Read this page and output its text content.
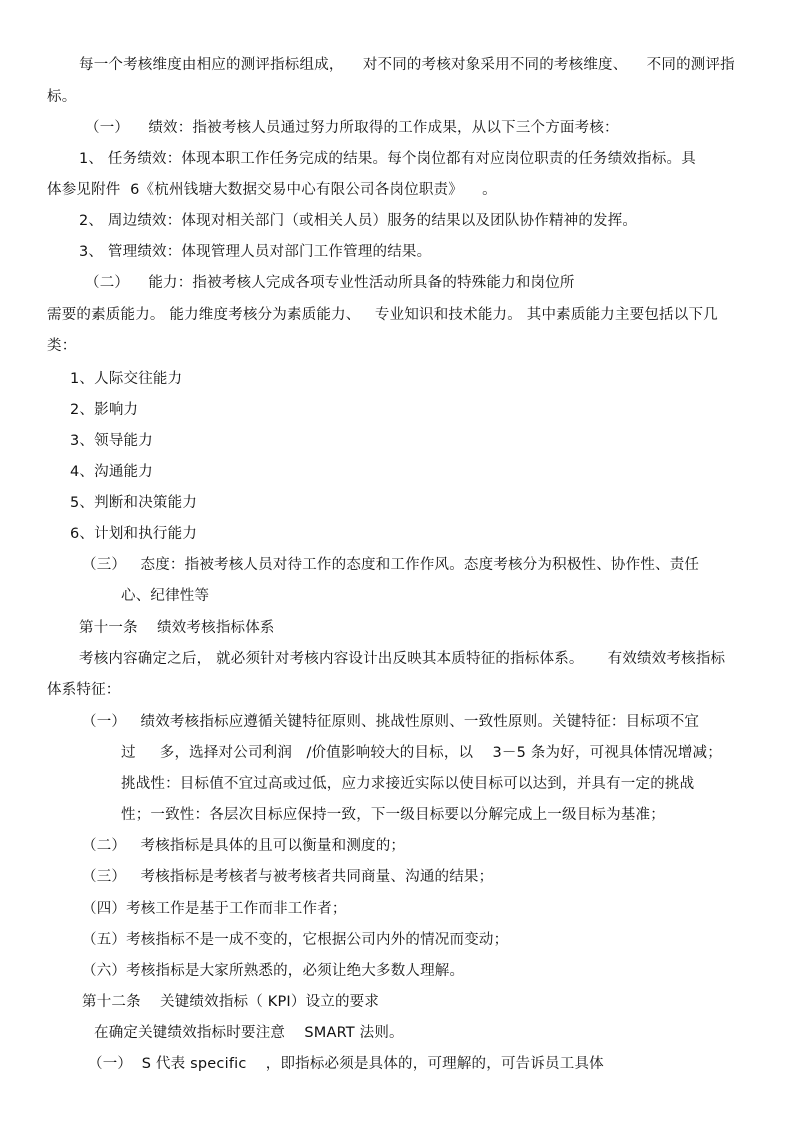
每一个考核维度由相应的测评指标组成，    对不同的考核对象采用不同的考核维度、    不同的测评指
标。
（一）    绩效：指被考核人员通过努力所取得的工作成果，从以下三个方面考核：
1、 任务绩效：体现本职工作任务完成的结果。每个岗位都有对应岗位职责的任务绩效指标。具
体参见附件  6《杭州钱塘大数据交易中心有限公司各岗位职责》    。
2、 周边绩效：体现对相关部门（或相关人员）服务的结果以及团队协作精神的发挥。
3、 管理绩效：体现管理人员对部门工作管理的结果。
（二）    能力：指被考核人完成各项专业性活动所具备的特殊能力和岗位所
需要的素质能力。 能力维度考核分为素质能力、   专业知识和技术能力。 其中素质能力主要包括以下几
类：
1、人际交往能力
2、影响力
3、领导能力
4、沟通能力
5、判断和决策能力
6、计划和执行能力
（三）   态度：指被考核人员对待工作的态度和工作作风。态度考核分为积极性、协作性、责任
心、纪律性等
第十一条    绩效考核指标体系
考核内容确定之后， 就必须针对考核内容设计出反映其本质特征的指标体系。     有效绩效考核指标
体系特征：
（一）   绩效考核指标应遵循关键特征原则、挑战性原则、一致性原则。关键特征：目标项不宜
过     多，选择对公司利润   /价值影响较大的目标，以    3－5 条为好，可视具体情况增减；
挑战性：目标值不宜过高或过低，应力求接近实际以使目标可以达到，并具有一定的挑战
性；一致性：各层次目标应保持一致，下一级目标要以分解完成上一级目标为基准；
（二）   考核指标是具体的且可以衡量和测度的；
（三）   考核指标是考核者与被考核者共同商量、沟通的结果；
（四）考核工作是基于工作而非工作者；
（五）考核指标不是一成不变的，它根据公司内外的情况而变动；
（六）考核指标是大家所熟悉的，必须让绝大多数人理解。
第十二条    关键绩效指标（ KPI）设立的要求
在确定关键绩效指标时要注意    SMART 法则。
（一）  S 代表 specific    ，即指标必须是具体的，可理解的，可告诉员工具体
